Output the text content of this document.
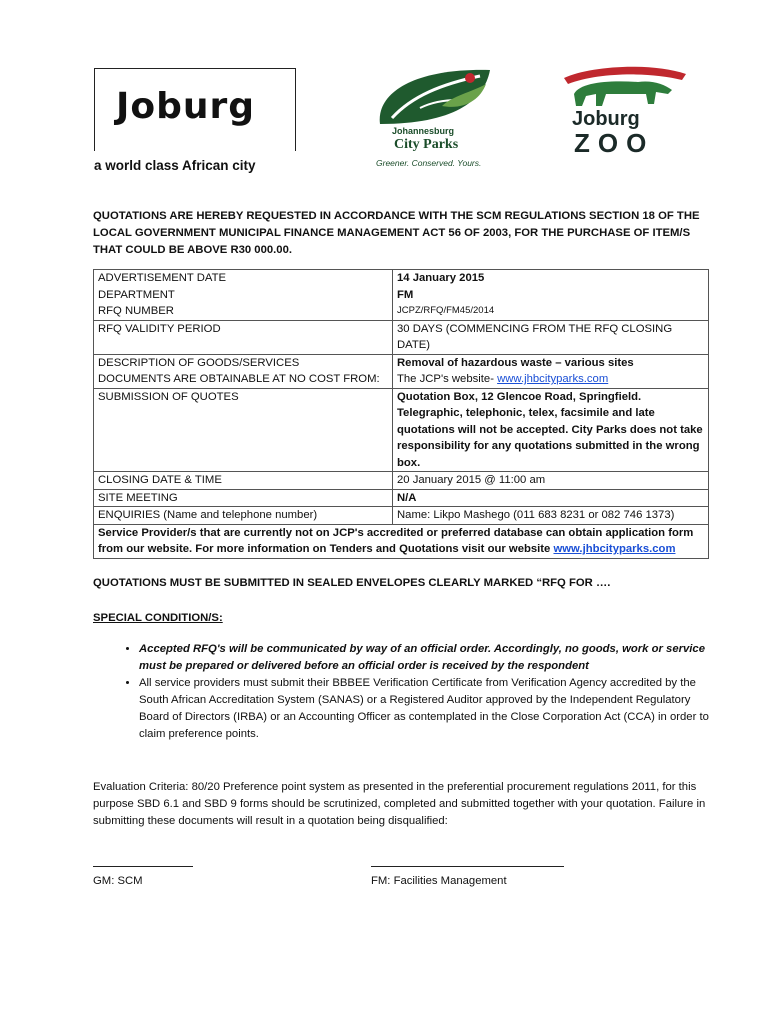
Joburg
a world class African city
Johannesburg
City Parks
Greener. Conserved. Yours.
Joburg
ZOO

QUOTATIONS ARE HEREBY REQUESTED IN ACCORDANCE WITH THE SCM REGULATIONS SECTION 18 OF THE LOCAL GOVERNMENT MUNICIPAL FINANCE MANAGEMENT ACT 56 OF 2003, FOR THE PURCHASE OF ITEM/S THAT COULD BE ABOVE R30 000.00.

ADVERTISEMENT DATE	14 January 2015
DEPARTMENT	FM
RFQ NUMBER	JCPZ/RFQ/FM45/2014
RFQ VALIDITY PERIOD	30 DAYS (COMMENCING FROM THE RFQ CLOSING DATE)
DESCRIPTION OF GOODS/SERVICES	Removal of hazardous waste – various sites
DOCUMENTS ARE OBTAINABLE AT NO COST FROM:	The JCP's website- www.jhbcityparks.com
SUBMISSION OF QUOTES	Quotation Box, 12 Glencoe Road, Springfield. Telegraphic, telephonic, telex, facsimile and late quotations will not be accepted. City Parks does not take responsibility for any quotations submitted in the wrong box.
CLOSING DATE & TIME	20 January 2015 @ 11:00 am
SITE MEETING	N/A
ENQUIRIES (Name and telephone number)	Name: Likpo Mashego (011 683 8231 or 082 746 1373)
Service Provider/s that are currently not on JCP's accredited or preferred database can obtain application form from our website. For more information on Tenders and Quotations visit our website www.jhbcityparks.com	
QUOTATIONS MUST BE SUBMITTED IN SEALED ENVELOPES CLEARLY MARKED “RFQ FOR ….
SPECIAL CONDITION/S:
• Accepted RFQ's will be communicated by way of an official order. Accordingly, no goods, work or service must be prepared or delivered before an official order is received by the respondent
• All service providers must submit their BBBEE Verification Certificate from Verification Agency accredited by the South African Accreditation System (SANAS) or a Registered Auditor approved by the Independent Regulatory Board of Directors (IRBA) or an Accounting Officer as contemplated in the Close Corporation Act (CCA) in order to claim preference points.
Evaluation Criteria: 80/20 Preference point system as presented in the preferential procurement regulations 2011, for this purpose SBD 6.1 and SBD 9 forms should be scrutinized, completed and submitted together with your quotation. Failure in submitting these documents will result in a quotation being disqualified:
GM: SCM	FM: Facilities Management
